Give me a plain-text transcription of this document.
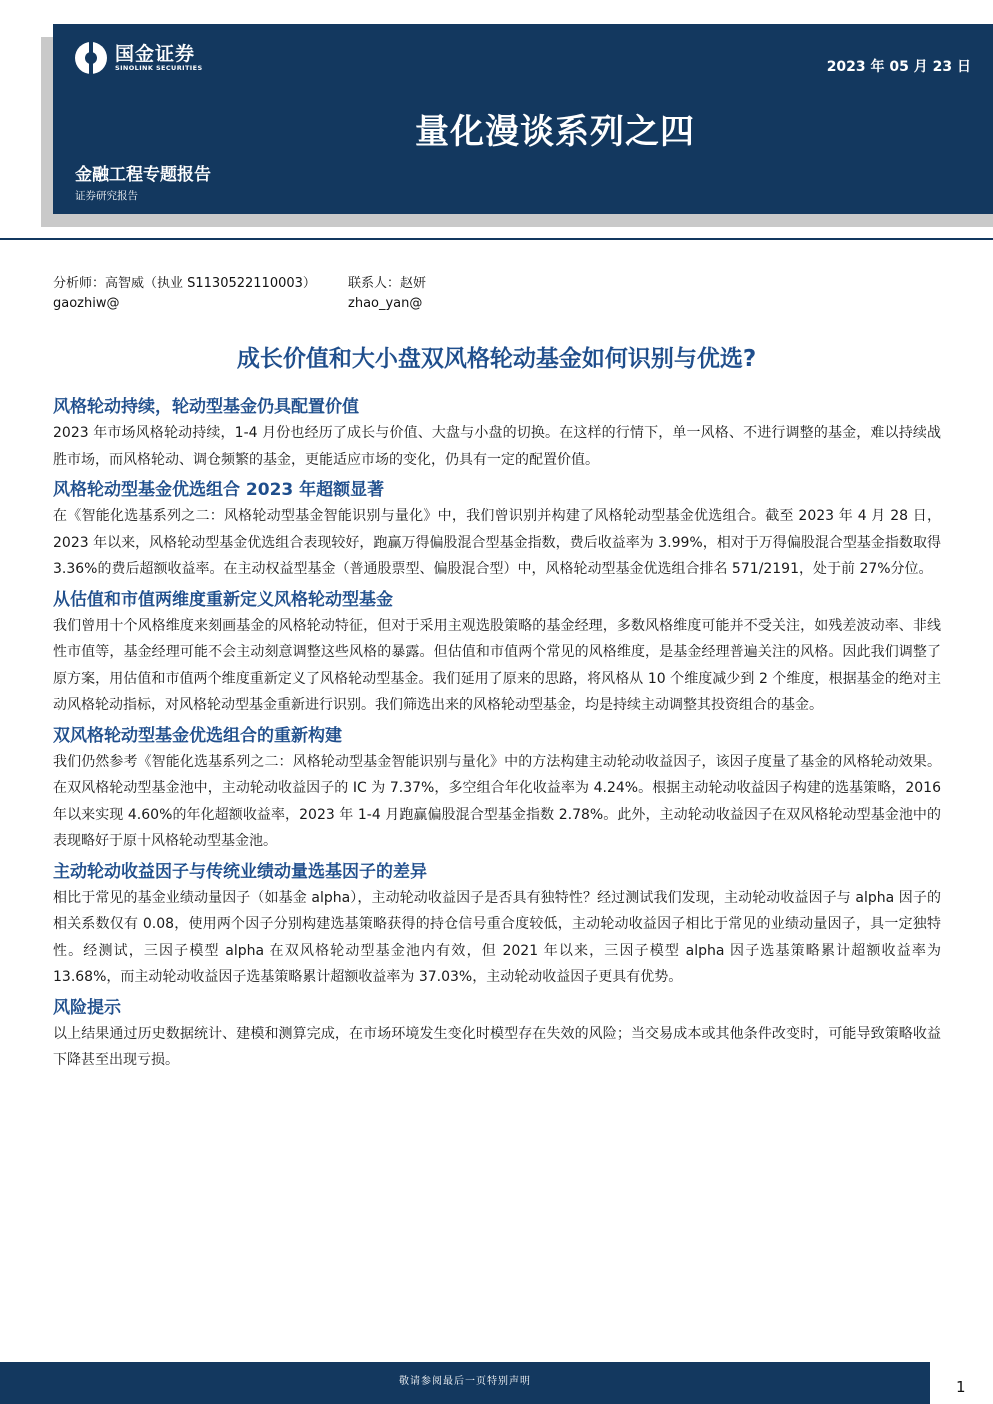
国金证券
SINOLINK SECURITIES	2023 年 05 月 23 日
量化漫谈系列之四
金融工程专题报告
证券研究报告
分析师：高智威（执业 S1130522110003）	联系人：赵妍
gaozhiw@	zhao_yan@
成长价值和大小盘双风格轮动基金如何识别与优选?
风格轮动持续，轮动型基金仍具配置价值
2023 年市场风格轮动持续，1-4 月份也经历了成长与价值、大盘与小盘的切换。在这样的行情下，单一风格、不进行调整的基金，难以持续战胜市场，而风格轮动、调仓频繁的基金，更能适应市场的变化，仍具有一定的配置价值。
风格轮动型基金优选组合 2023 年超额显著
在《智能化选基系列之二：风格轮动型基金智能识别与量化》中，我们曾识别并构建了风格轮动型基金优选组合。截至 2023 年 4 月 28 日，2023 年以来，风格轮动型基金优选组合表现较好，跑赢万得偏股混合型基金指数，费后收益率为 3.99%，相对于万得偏股混合型基金指数取得 3.36%的费后超额收益率。在主动权益型基金（普通股票型、偏股混合型）中，风格轮动型基金优选组合排名 571/2191，处于前 27%分位。
从估值和市值两维度重新定义风格轮动型基金
我们曾用十个风格维度来刻画基金的风格轮动特征，但对于采用主观选股策略的基金经理，多数风格维度可能并不受关注，如残差波动率、非线性市值等，基金经理可能不会主动刻意调整这些风格的暴露。但估值和市值两个常见的风格维度，是基金经理普遍关注的风格。因此我们调整了原方案，用估值和市值两个维度重新定义了风格轮动型基金。我们延用了原来的思路，将风格从 10 个维度减少到 2 个维度，根据基金的绝对主动风格轮动指标，对风格轮动型基金重新进行识别。我们筛选出来的风格轮动型基金，均是持续主动调整其投资组合的基金。
双风格轮动型基金优选组合的重新构建
我们仍然参考《智能化选基系列之二：风格轮动型基金智能识别与量化》中的方法构建主动轮动收益因子，该因子度量了基金的风格轮动效果。在双风格轮动型基金池中，主动轮动收益因子的 IC 为 7.37%，多空组合年化收益率为 4.24%。根据主动轮动收益因子构建的选基策略，2016 年以来实现 4.60%的年化超额收益率，2023 年 1-4 月跑赢偏股混合型基金指数 2.78%。此外，主动轮动收益因子在双风格轮动型基金池中的表现略好于原十风格轮动型基金池。
主动轮动收益因子与传统业绩动量选基因子的差异
相比于常见的基金业绩动量因子（如基金 alpha），主动轮动收益因子是否具有独特性？经过测试我们发现，主动轮动收益因子与 alpha 因子的相关系数仅有 0.08，使用两个因子分别构建选基策略获得的持仓信号重合度较低，主动轮动收益因子相比于常见的业绩动量因子，具一定独特性。经测试，三因子模型 alpha 在双风格轮动型基金池内有效，但 2021 年以来，三因子模型 alpha 因子选基策略累计超额收益率为 13.68%，而主动轮动收益因子选基策略累计超额收益率为 37.03%，主动轮动收益因子更具有优势。
风险提示
以上结果通过历史数据统计、建模和测算完成，在市场环境发生变化时模型存在失效的风险；当交易成本或其他条件改变时，可能导致策略收益下降甚至出现亏损。
敬请参阅最后一页特别声明	1
